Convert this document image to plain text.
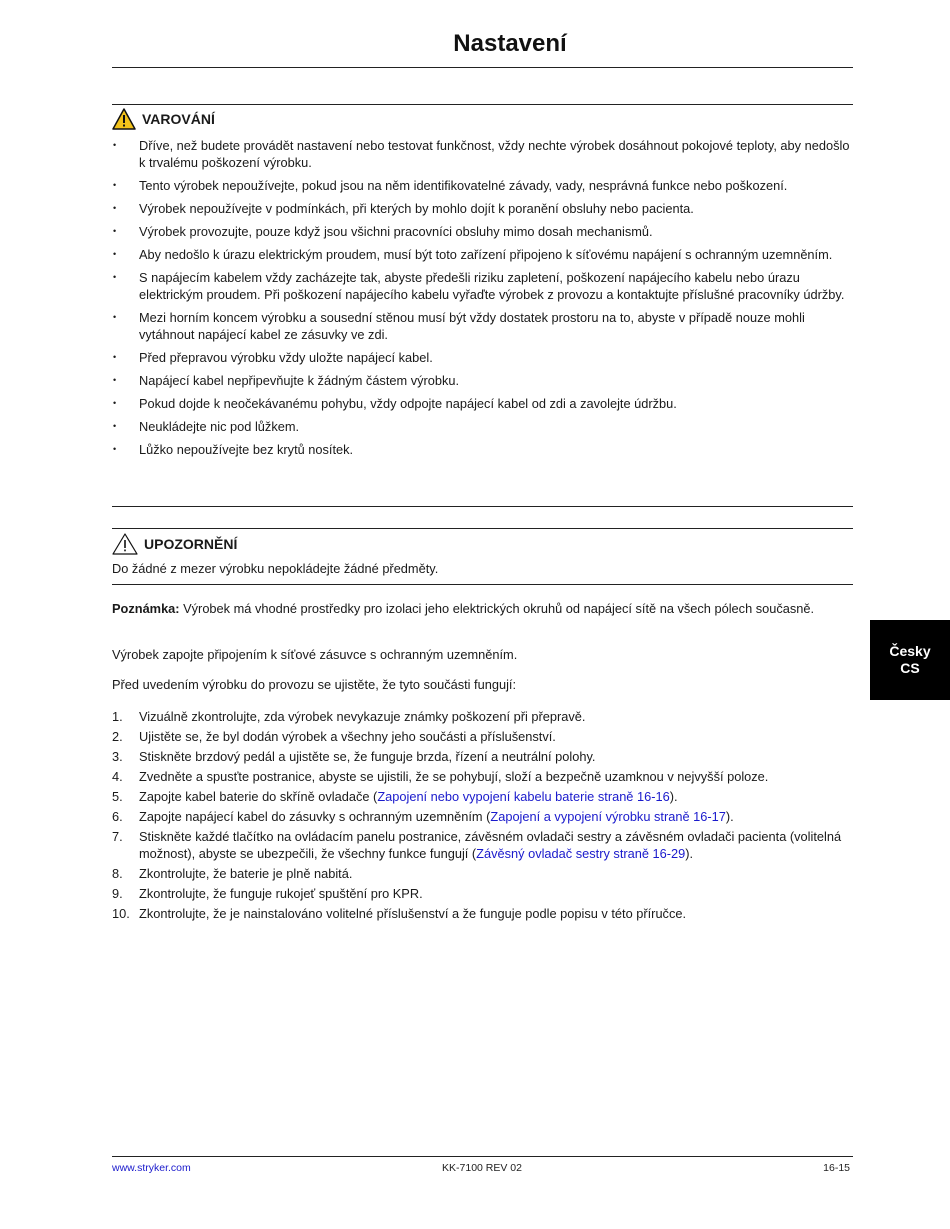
Nastavení
VAROVÁNÍ
• Dříve, než budete provádět nastavení nebo testovat funkčnost, vždy nechte výrobek dosáhnout pokojové teploty, aby nedošlo k trvalému poškození výrobku.
• Tento výrobek nepoužívejte, pokud jsou na něm identifikovatelné závady, vady, nesprávná funkce nebo poškození.
• Výrobek nepoužívejte v podmínkách, při kterých by mohlo dojít k poranění obsluhy nebo pacienta.
• Výrobek provozujte, pouze když jsou všichni pracovníci obsluhy mimo dosah mechanismů.
• Aby nedošlo k úrazu elektrickým proudem, musí být toto zařízení připojeno k síťovému napájení s ochranným uzemněním.
• S napájecím kabelem vždy zacházejte tak, abyste předešli riziku zapletení, poškození napájecího kabelu nebo úrazu elektrickým proudem. Při poškození napájecího kabelu vyřaďte výrobek z provozu a kontaktujte příslušné pracovníky údržby.
• Mezi horním koncem výrobku a sousední stěnou musí být vždy dostatek prostoru na to, abyste v případě nouze mohli vytáhnout napájecí kabel ze zásuvky ve zdi.
• Před přepravou výrobku vždy uložte napájecí kabel.
• Napájecí kabel nepřipevňujte k žádným částem výrobku.
• Pokud dojde k neočekávanému pohybu, vždy odpojte napájecí kabel od zdi a zavolejte údržbu.
• Neukládejte nic pod lůžkem.
• Lůžko nepoužívejte bez krytů nosítek.
UPOZORNĚNÍ
Do žádné z mezer výrobku nepokládejte žádné předměty.
Poznámka: Výrobek má vhodné prostředky pro izolaci jeho elektrických okruhů od napájecí sítě na všech pólech současně.
Výrobek zapojte připojením k síťové zásuvce s ochranným uzemněním.
Před uvedením výrobku do provozu se ujistěte, že tyto součásti fungují:
1. Vizuálně zkontrolujte, zda výrobek nevykazuje známky poškození při přepravě.
2. Ujistěte se, že byl dodán výrobek a všechny jeho součásti a příslušenství.
3. Stiskněte brzdový pedál a ujistěte se, že funguje brzda, řízení a neutrální polohy.
4. Zvedněte a spusťte postranice, abyste se ujistili, že se pohybují, složí a bezpečně uzamknou v nejvyšší poloze.
5. Zapojte kabel baterie do skříně ovladače (Zapojení nebo vypojení kabelu baterie straně 16-16).
6. Zapojte napájecí kabel do zásuvky s ochranným uzemněním (Zapojení a vypojení výrobku straně 16-17).
7. Stiskněte každé tlačítko na ovládacím panelu postranice, závěsném ovladači sestry a závěsném ovladači pacienta (volitelná možnost), abyste se ubezpečili, že všechny funkce fungují (Závěsný ovladač sestry straně 16-29).
8. Zkontrolujte, že baterie je plně nabitá.
9. Zkontrolujte, že funguje rukojeť spuštění pro KPR.
10. Zkontrolujte, že je nainstalováno volitelné příslušenství a že funguje podle popisu v této příručce.
Česky
CS
www.stryker.com	KK-7100 REV 02	16-15
